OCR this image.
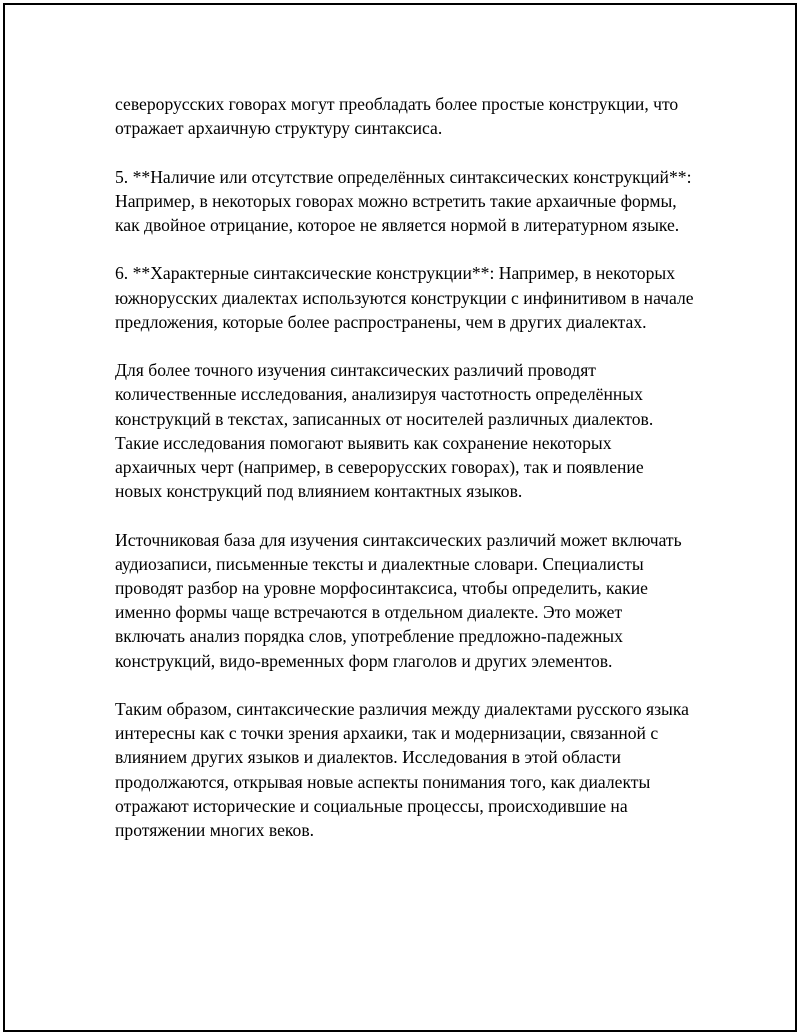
северорусских говорах могут преобладать более простые конструкции, что отражает архаичную структуру синтаксиса.

5. **Наличие или отсутствие определённых синтаксических конструкций**: Например, в некоторых говорах можно встретить такие архаичные формы, как двойное отрицание, которое не является нормой в литературном языке.

6. **Характерные синтаксические конструкции**: Например, в некоторых южнорусских диалектах используются конструкции с инфинитивом в начале предложения, которые более распространены, чем в других диалектах.

Для более точного изучения синтаксических различий проводят количественные исследования, анализируя частотность определённых конструкций в текстах, записанных от носителей различных диалектов. Такие исследования помогают выявить как сохранение некоторых архаичных черт (например, в северорусских говорах), так и появление новых конструкций под влиянием контактных языков.

Источниковая база для изучения синтаксических различий может включать аудиозаписи, письменные тексты и диалектные словари. Специалисты проводят разбор на уровне морфосинтаксиса, чтобы определить, какие именно формы чаще встречаются в отдельном диалекте. Это может включать анализ порядка слов, употребление предложно-падежных конструкций, видо-временных форм глаголов и других элементов.

Таким образом, синтаксические различия между диалектами русского языка интересны как с точки зрения архаики, так и модернизации, связанной с влиянием других языков и диалектов. Исследования в этой области продолжаются, открывая новые аспекты понимания того, как диалекты отражают исторические и социальные процессы, происходившие на протяжении многих веков.
